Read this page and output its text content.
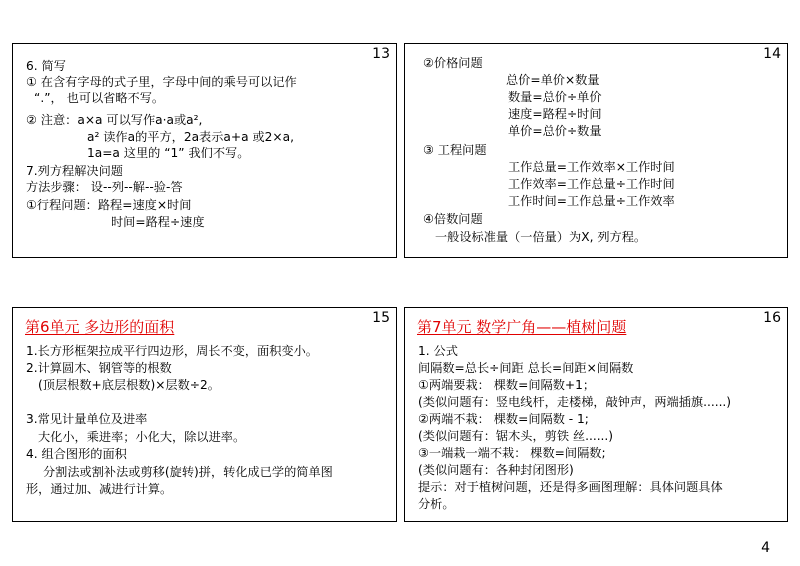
13
6. 简写
① 在含有字母的式子里，字母中间的乘号可以记作
“.”， 也可以省略不写。
② 注意：a×a 可以写作a·a或a²,
a² 读作a的平方，2a表示a+a 或2×a,
1a=a 这里的 “1” 我们不写。
7.列方程解决问题
方法步骤： 设--列--解--验-答
①行程问题：路程=速度×时间
时间=路程÷速度
14
②价格问题
总价=单价×数量
数量=总价÷单价
速度=路程÷时间
单价=总价÷数量
③ 工程问题
工作总量=工作效率×工作时间
工作效率=工作总量÷工作时间
工作时间=工作总量÷工作效率
④倍数问题
一般设标准量（一倍量）为X, 列方程。
15
第6单元 多边形的面积
1.长方形框架拉成平行四边形，周长不变，面积变小。
2.计算圆木、钢管等的根数
(顶层根数+底层根数)×层数÷2。
3.常见计量单位及进率
大化小，乘进率；小化大，除以进率。
4. 组合图形的面积
分割法或割补法或剪移(旋转)拼，转化成已学的简单图
形，通过加、减进行计算。
16
第7单元 数学广角——植树问题
1. 公式
间隔数=总长÷间距 总长=间距×间隔数
①两端要栽： 棵数=间隔数+1；
(类似问题有：竖电线杆，走楼梯，敲钟声，两端插旗......)
②两端不栽： 棵数=间隔数 - 1;
(类似问题有：锯木头，剪铁 丝......)
③一端栽一端不栽： 棵数=间隔数;
(类似问题有：各种封闭图形)
提示：对于植树问题，还是得多画图理解：具体问题具体
分析。
4
